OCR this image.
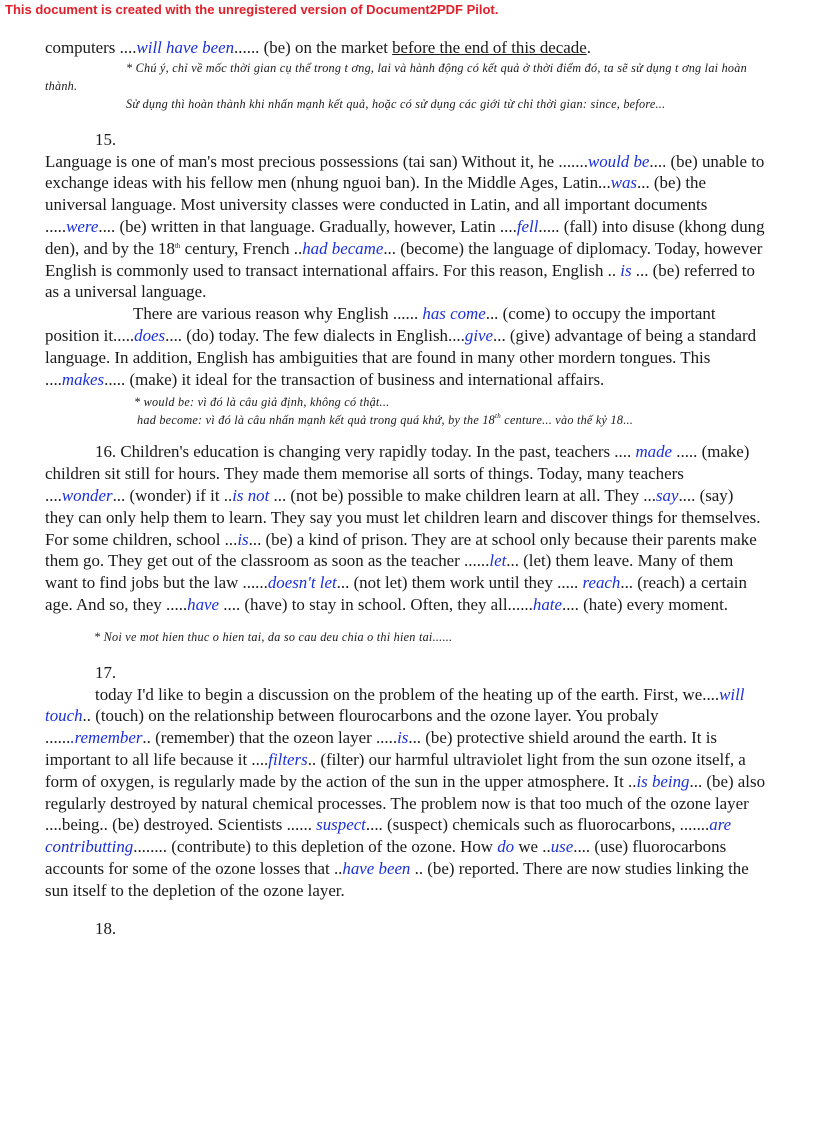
This document is created with the unregistered version of Document2PDF Pilot.

computers ....will have been...... (be) on the market before the end of this decade.

* Chú ý, chỉ về mốc thời gian cụ thể trong t ơng, lai và hành động có kết quả ở thời điểm đó, ta sẽ sử dụng t ơng lai hoàn thành.

Sử dụng thì hoàn thành khi nhấn mạnh kết quả, hoặc có sử dụng các giới từ chỉ thời gian: since, before...

15.

Language is one of man's most precious possessions (tai san) Without it, he .......would be.... (be) unable to exchange ideas with his fellow men (nhung nguoi ban). In the Middle Ages, Latin...was... (be) the universal language. Most university classes were conducted in Latin, and all important documents .....were.... (be) written in that language. Gradually, however, Latin ....fell..... (fall) into disuse (khong dung den), and by the 18th century, French ..had became... (become) the language of diplomacy. Today, however English is commonly used to transact international affairs. For this reason, English .. is ... (be) referred to as a universal language.

There are various reason why English ...... has come... (come) to occupy the important position it.....does.... (do) today. The few dialects in English....give... (give) advantage of being a standard language. In addition, English has ambiguities that are found in many other mordern tongues. This ....makes..... (make) it ideal for the transaction of business and international affairs.

* would be: vì đó là câu giả định, không có thật...

had become: vì đó là câu nhấn mạnh kết quả trong quá khứ, by the 18th centure... vào thế kỷ 18...

16. Children's education is changing very rapidly today. In the past, teachers .... made ..... (make) children sit still for hours. They made them memorise all sorts of things. Today, many teachers ....wonder... (wonder) if it ..is not ... (not be) possible to make children learn at all. They ...say.... (say) they can only help them to learn. They say you must let children learn and discover things for themselves. For some children, school ...is... (be) a kind of prison. They are at school only because their parents make them go. They get out of the classroom as soon as the teacher ......let... (let) them leave. Many of them want to find jobs but the law ......doesn't let... (not let) them work until they ..... reach... (reach) a certain age. And so, they .....have .... (have) to stay in school. Often, they all......hate.... (hate) every moment.

* Noi ve mot hien thuc o hien tai, da so cau deu chia o thi hien tai......

17.

today I'd like to begin a discussion on the problem of the heating up of the earth. First, we....will touch.. (touch) on the relationship between flourocarbons and the ozone layer. You probaly .......remember.. (remember) that the ozeon layer .....is... (be) protective shield around the earth. It is important to all life because it ....filters.. (filter) our harmful ultraviolet light from the sun ozone itself, a form of oxygen, is regularly made by the action of the sun in the upper atmosphere. It ..is being... (be) also regularly destroyed by natural chemical processes. The problem now is that too much of the ozone layer ....being.. (be) destroyed. Scientists ...... suspect.... (suspect) chemicals such as fluorocarbons, .......are contributting........ (contribute) to this depletion of the ozone. How do we ..use.... (use) fluorocarbons accounts for some of the ozone losses that ..have been .. (be) reported. There are now studies linking the sun itself to the depletion of the ozone layer.

18.
